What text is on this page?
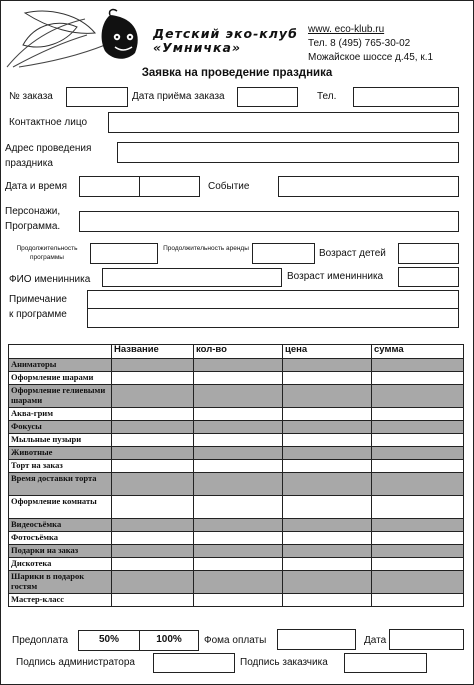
Детский эко-клуб
«Умничка»
www. eco-klub.ru
Тел. 8 (495) 765-30-02
Можайское шоссе д.45, к.1
Заявка на проведение праздника
№ заказа	Дата приёма заказа	Тел.
Контактное лицо
Адрес проведения
праздника
Дата и время	Событие
Персонажи,
Программа.
Продолжительность программы
Продолжительность аренды	Возраст детей
ФИО именинника	Возраст именинника
Примечание
к программе
	Название	кол-во	цена	сумма
Аниматоры				
Оформление шарами				
Оформление гелиевыми шарами				
Аква-грим				
Фокусы				
Мыльные пузыри				
Животные				
Торт на заказ				
Время доставки торта				
Оформление комнаты				
Видеосъёмка				
Фотосъёмка				
Подарки на заказ				
Дискотека				
Шарики в подарок гостям				
Мастер-класс				
Предоплата	50%	100%	Фома оплаты	Дата
Подпись администратора	Подпись заказчика
